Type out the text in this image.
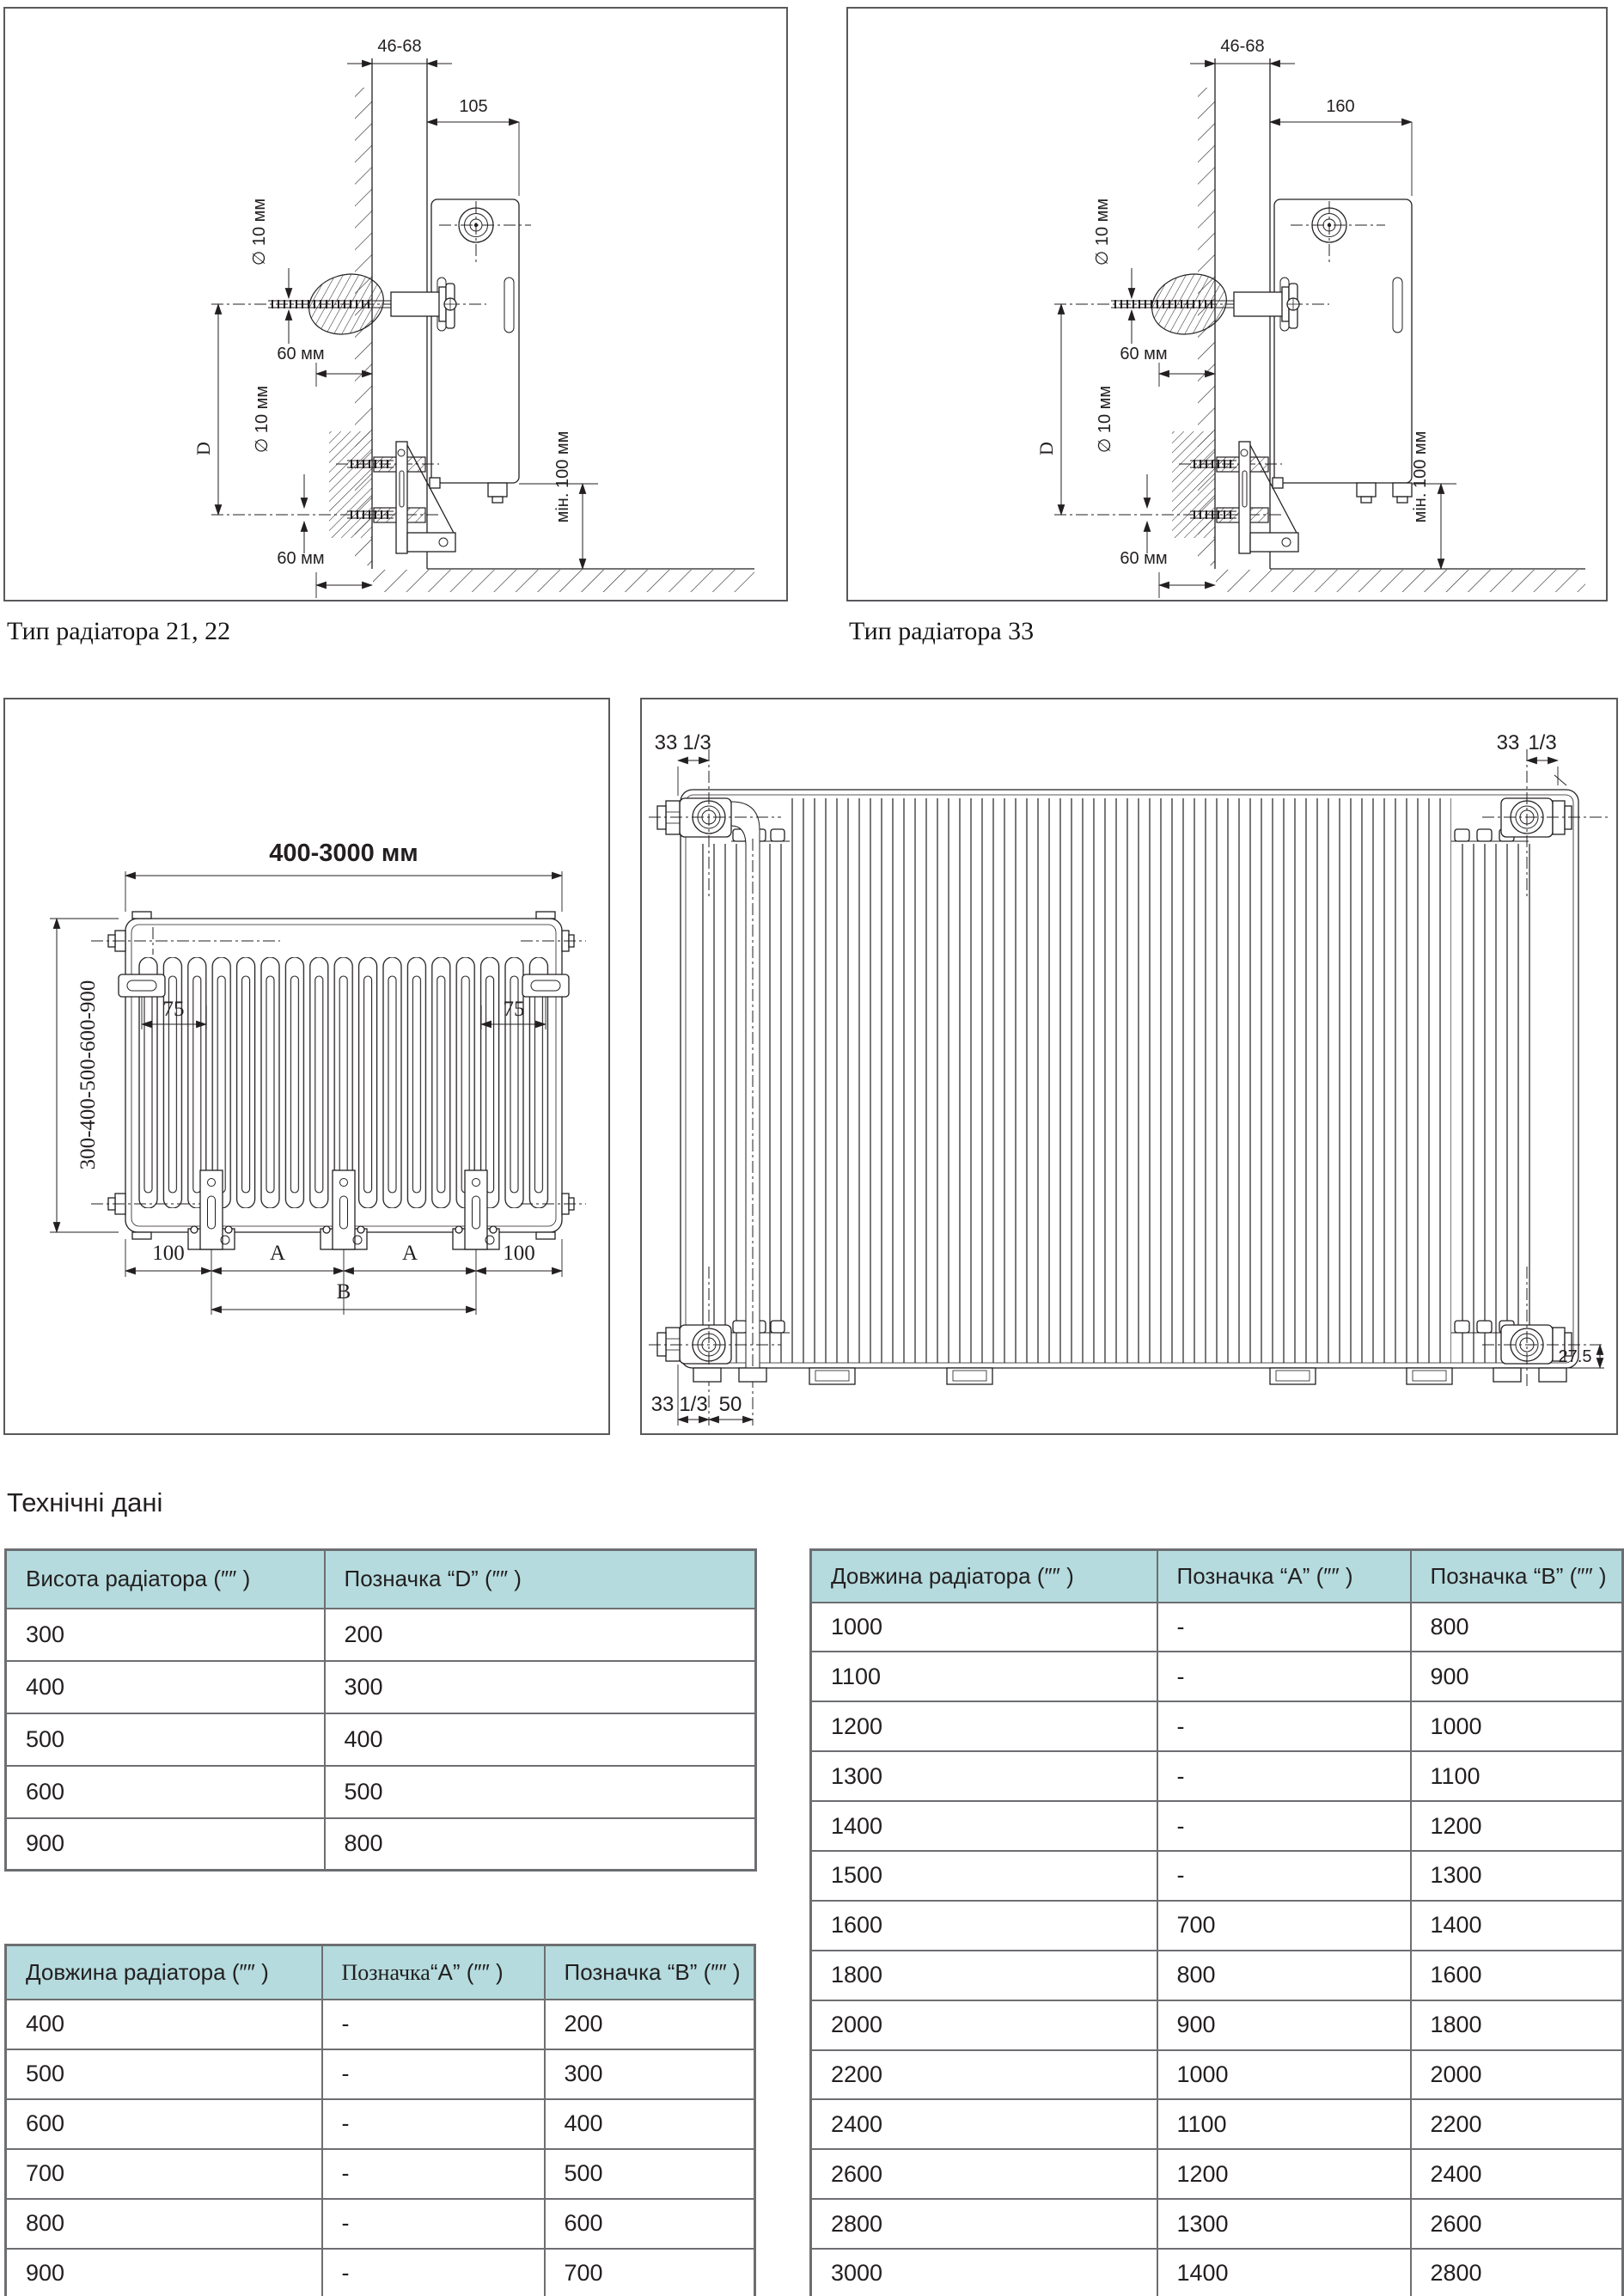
46-68
∅ 10 мм
60 мм
D ∅ 10 мм
60 мм
105
мін. 100 мм
Тип радіатора 21, 22
46-68
∅ 10 мм
60 мм
D ∅ 10 мм
60 мм
160
мін. 100 мм
Тип радіатора 33
75	75
400-3000 мм
300-400-500-600-900
100	A	A	100
B
33 1/3	33 1/3
33 1/3 50
27.5
Технічні дані
Висота радіатора (″″ )	Позначка “D” (″″ )
300	200
400	300
500	400
600	500
900	800
Довжина радіатора (″″ )	Позначка“А” (″″ )	Позначка “В” (″″ )
400	-	200
500	-	300
600	-	400
700	-	500
800	-	600
900	-	700
Довжина радіатора (″″ )	Позначка “А” (″″ )	Позначка “В” (″″ )
1000	-	800
1100	-	900
1200	-	1000
1300	-	1100
1400	-	1200
1500	-	1300
1600	700	1400
1800	800	1600
2000	900	1800
2200	1000	2000
2400	1100	2200
2600	1200	2400
2800	1300	2600
3000	1400	2800
